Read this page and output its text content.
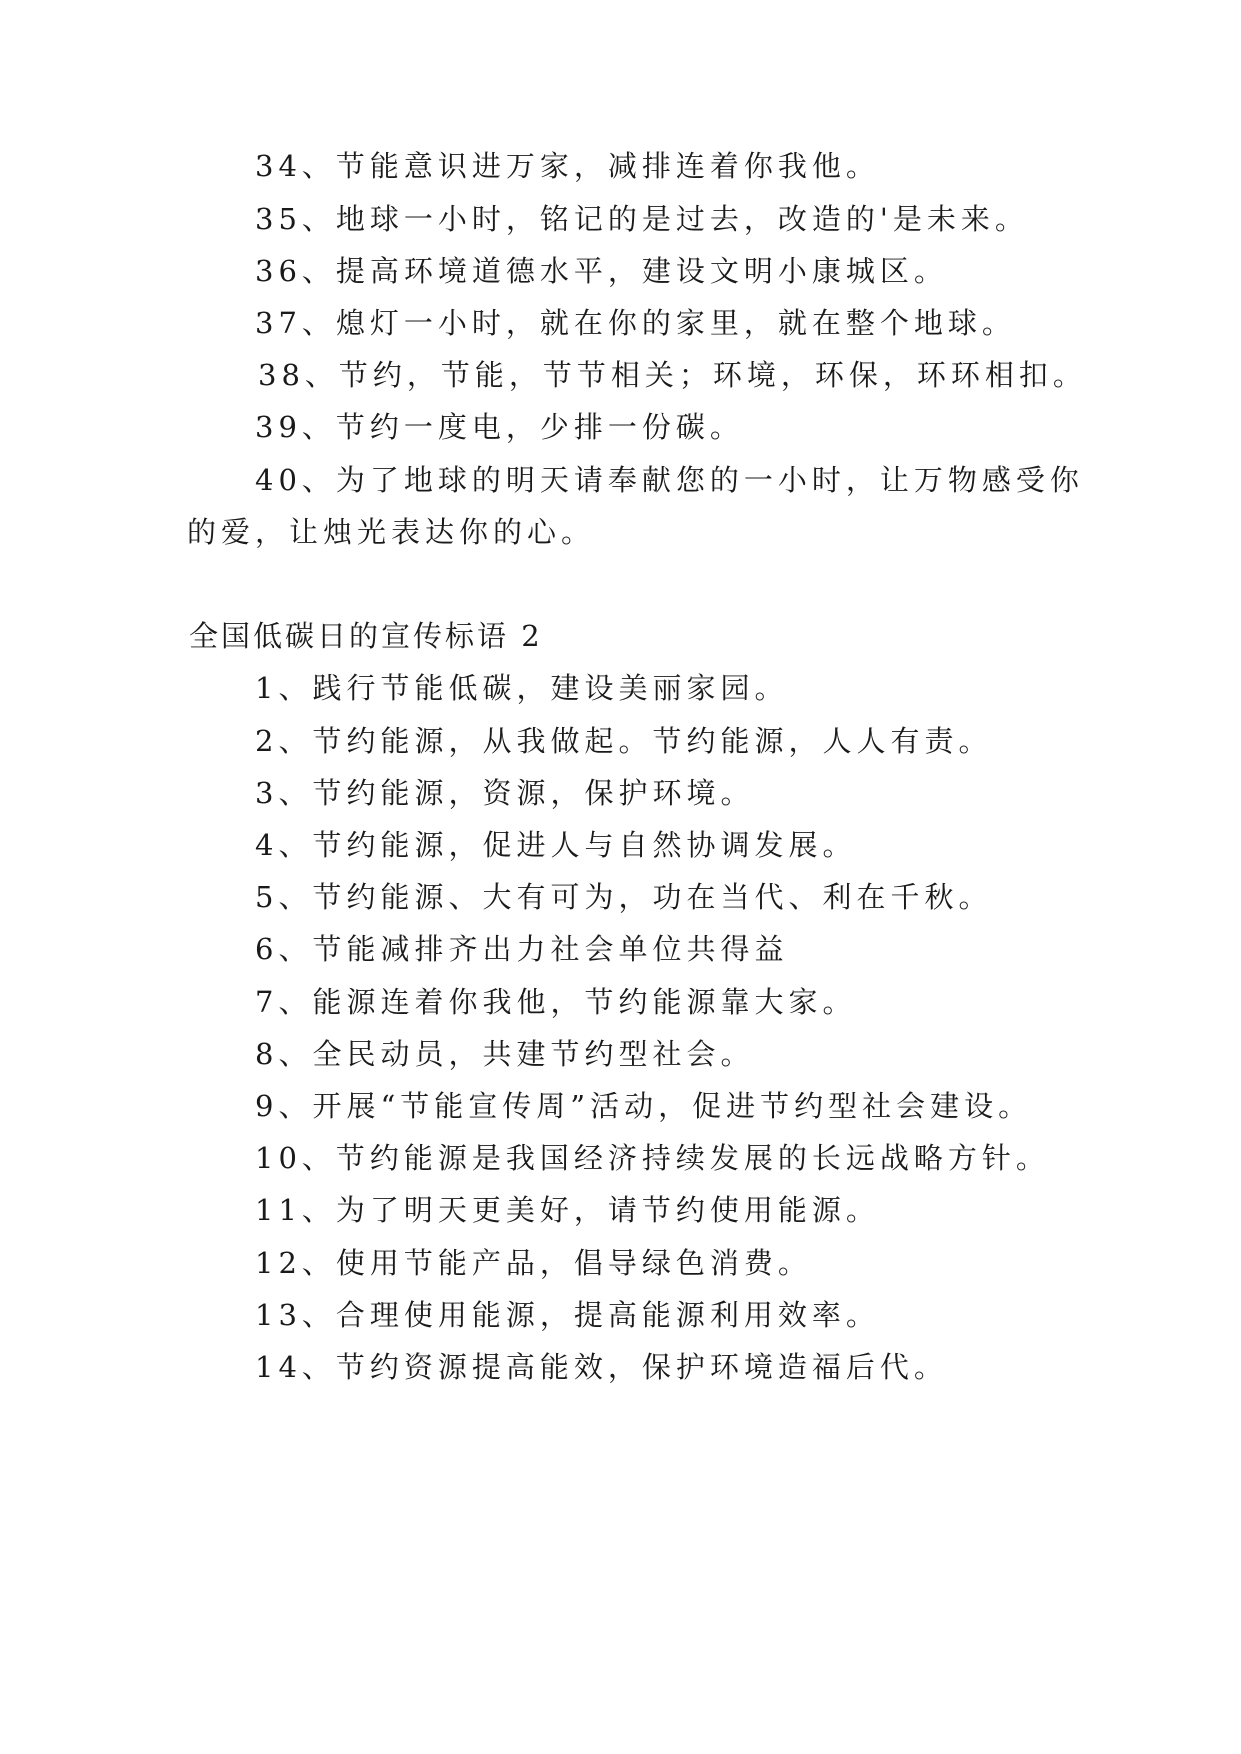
34、节能意识进万家，减排连着你我他。
35、地球一小时，铭记的是过去，改造的'是未来。
36、提高环境道德水平，建设文明小康城区。
37、熄灯一小时，就在你的家里，就在整个地球。
38、节约，节能，节节相关；环境，环保，环环相扣。
39、节约一度电，少排一份碳。
40、为了地球的明天请奉献您的一小时，让万物感受你
的爱，让烛光表达你的心。
全国低碳日的宣传标语 2
1、践行节能低碳，建设美丽家园。
2、节约能源，从我做起。节约能源，人人有责。
3、节约能源，资源，保护环境。
4、节约能源，促进人与自然协调发展。
5、节约能源、大有可为，功在当代、利在千秋。
6、节能减排齐出力社会单位共得益
7、能源连着你我他，节约能源靠大家。
8、全民动员，共建节约型社会。
9、开展“节能宣传周”活动，促进节约型社会建设。
10、节约能源是我国经济持续发展的长远战略方针。
11、为了明天更美好，请节约使用能源。
12、使用节能产品，倡导绿色消费。
13、合理使用能源，提高能源利用效率。
14、节约资源提高能效，保护环境造福后代。
